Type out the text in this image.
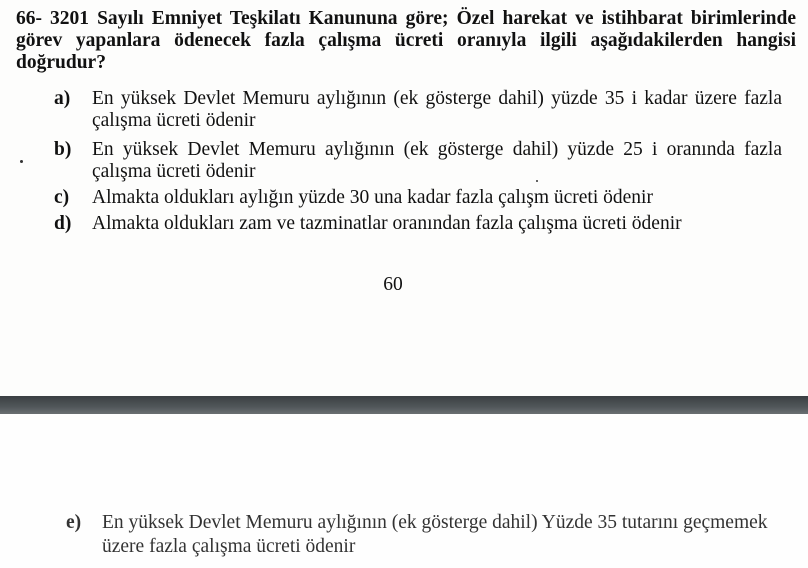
66- 3201 Sayılı Emniyet Teşkilatı Kanununa göre; Özel harekat ve istihbarat birimlerinde görev yapanlara ödenecek fazla çalışma ücreti oranıyla ilgili aşağıdakilerden hangisi doğrudur?
a)	En yüksek Devlet Memuru aylığının (ek gösterge dahil) yüzde 35 i kadar üzere fazla çalışma ücreti ödenir
b)	En yüksek Devlet Memuru aylığının (ek gösterge dahil) yüzde 25 i oranında fazla çalışma ücreti ödenir
c)	Almakta oldukları aylığın yüzde 30 una kadar fazla çalışm ücreti ödenir
d)	Almakta oldukları zam ve tazminatlar oranından fazla çalışma ücreti ödenir
60
e)	En yüksek Devlet Memuru aylığının (ek gösterge dahil) Yüzde 35 tutarını geçmemek üzere fazla çalışma ücreti ödenir
